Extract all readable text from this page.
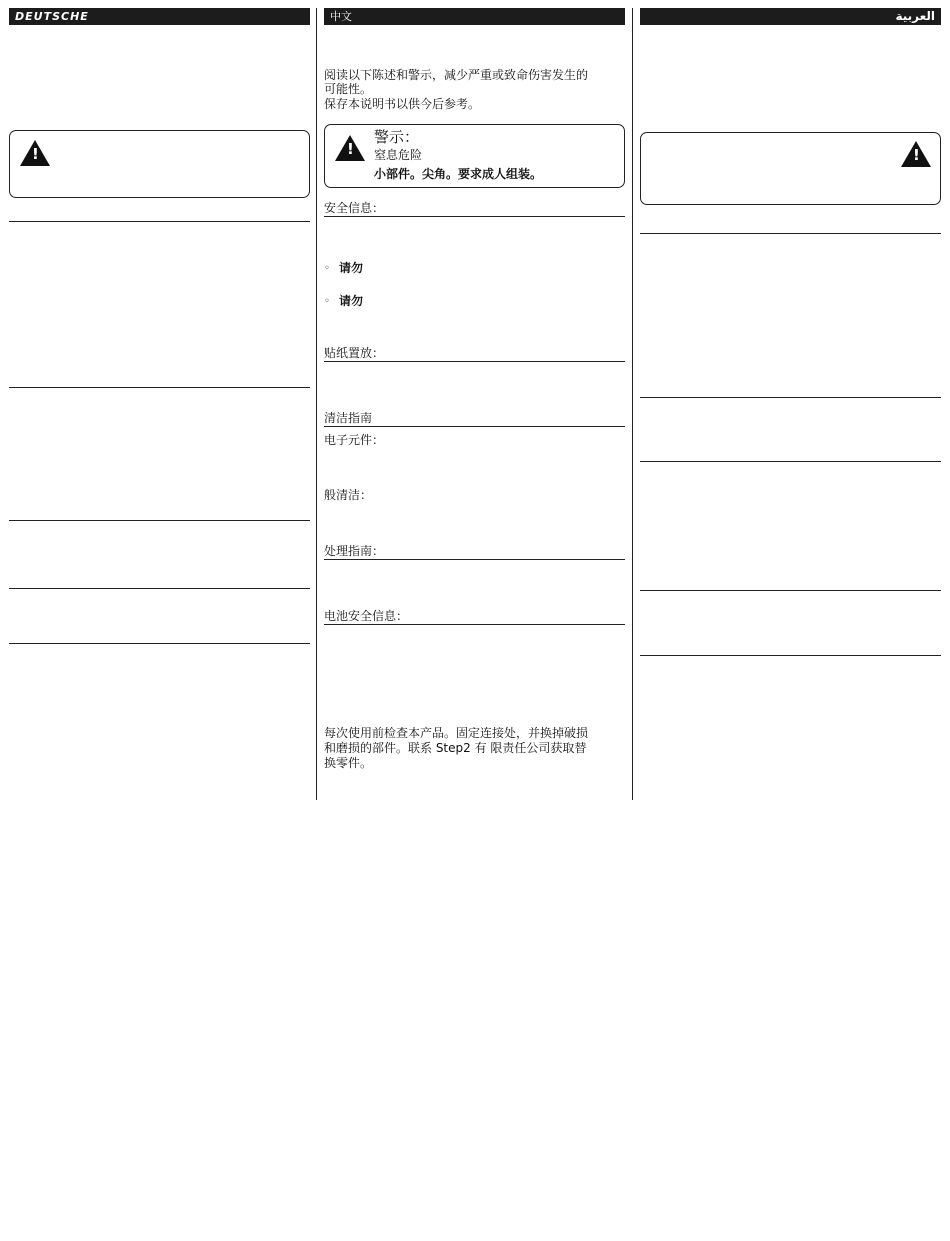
DEUTSCHE
!	中文
阅读以下陈述和警示，减少严重或致命伤害发生的
可能性。
保存本说明书以供今后参考。
!
警示：
窒息危险
小部件。尖角。要求成人组装。
安全信息：
◦ 请勿
◦ 请勿
贴纸置放：
清洁指南
电子元件：
般清洁：
处理指南：
电池安全信息：
每次使用前检查本产品。固定连接处，并换掉破损
和磨损的部件。联系 Step2 有 限责任公司获取替
换零件。
العربية
!
